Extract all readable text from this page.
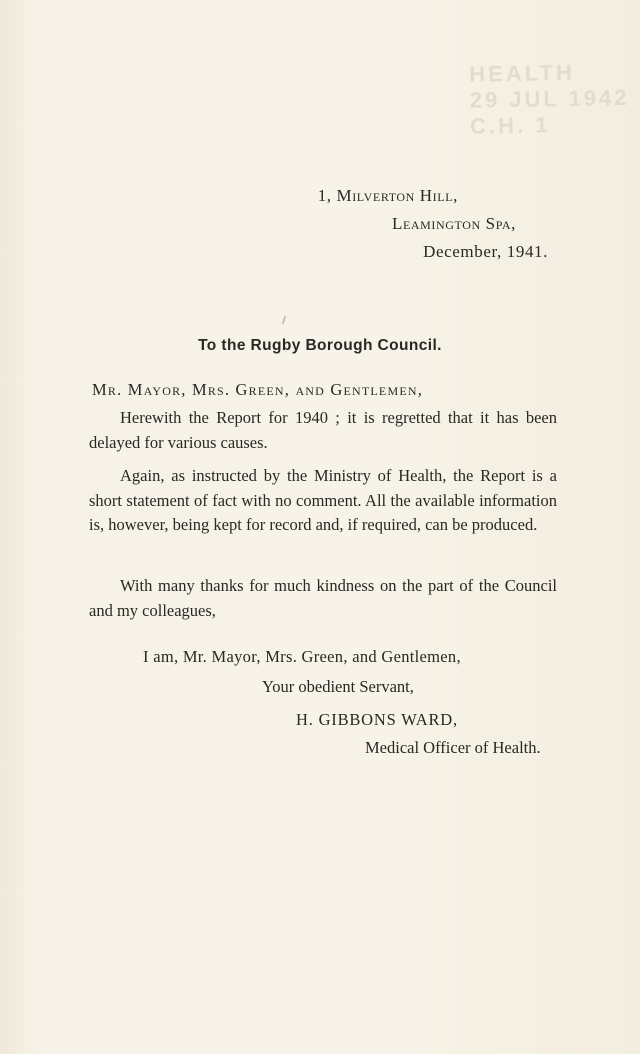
HEALTH
29 JUL 1942
C.H. 1
1, Milverton Hill,
Leamington Spa,
December, 1941.
To the Rugby Borough Council.
Mr. Mayor, Mrs. Green, and Gentlemen,

Herewith the Report for 1940 ; it is regretted that it has been delayed for various causes.

Again, as instructed by the Ministry of Health, the Report is a short statement of fact with no comment. All the available information is, however, being kept for record and, if required, can be produced.

With many thanks for much kindness on the part of the Council and my colleagues,

I am, Mr. Mayor, Mrs. Green, and Gentlemen,
Your obedient Servant,
H. GIBBONS WARD,
Medical Officer of Health.
